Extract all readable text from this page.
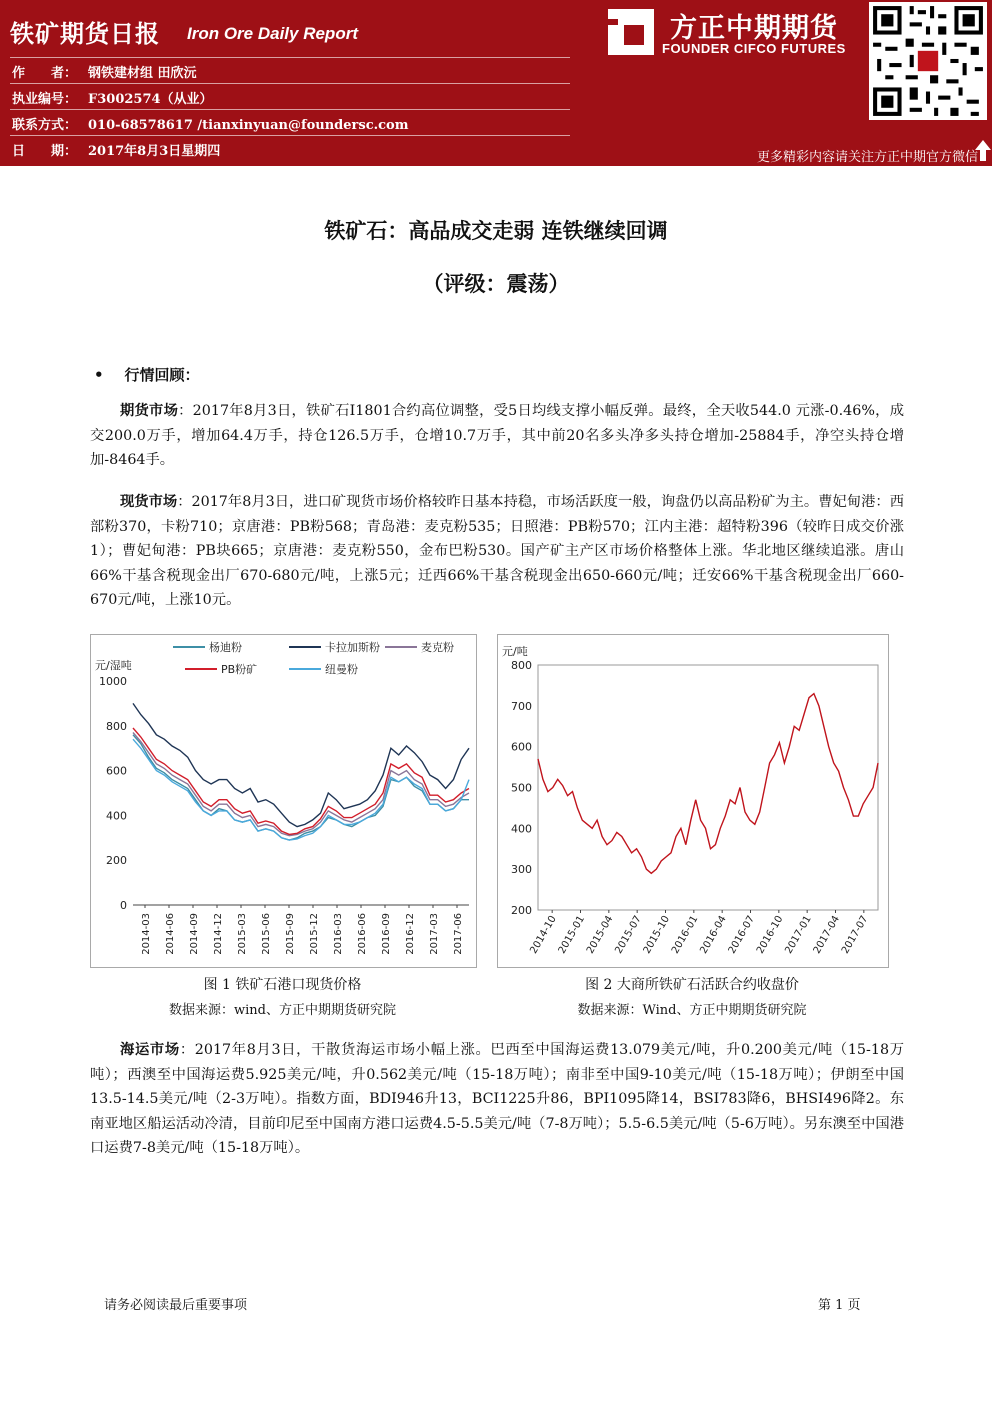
铁矿期货日报 Iron Ore Daily Report
作　　者： 钢铁建材组 田欣沅
执业编号： F3002574（从业）
联系方式： 010-68578617 /tianxinyuan@foundersc.com
日　　期： 2017年8月3日星期四
方正中期期货
FOUNDER CIFCO FUTURES
更多精彩内容请关注方正中期官方微信
铁矿石：高品成交走弱 连铁继续回调
（评级：震荡）
• 行情回顾：
期货市场：2017年8月3日，铁矿石I1801合约高位调整，受5日均线支撑小幅反弹。最终，全天收544.0 元涨-0.46%，成交200.0万手，增加64.4万手，持仓126.5万手，仓增10.7万手，其中前20名多头净多头持仓增加-25884手，净空头持仓增加-8464手。
现货市场：2017年8月3日，进口矿现货市场价格较昨日基本持稳，市场活跃度一般，询盘仍以高品粉矿为主。曹妃甸港：西部粉370，卡粉710；京唐港：PB粉568；青岛港：麦克粉535；日照港：PB粉570；江内主港：超特粉396（较昨日成交价涨1）；曹妃甸港：PB块665；京唐港：麦克粉550，金布巴粉530。国产矿主产区市场价格整体上涨。华北地区继续追涨。唐山66%干基含税现金出厂670-680元/吨，上涨5元；迁西66%干基含税现金出650-660元/吨；迁安66%干基含税现金出厂660-670元/吨，上涨10元。
杨迪粉	卡拉加斯粉	麦克粉
PB粉矿	纽曼粉
元/湿吨
0
200
400
600
800
1000
2014-03 2014-06 2014-09 2014-12 2015-03 2015-06 2015-09 2015-12 2016-03 2016-06 2016-09 2016-12 2017-03 2017-06
元/吨
200
300
400
500
600
700
800
2014-10
2015-01
2015-04
2015-07
2015-10
2016-01
2016-04
2016-07
2016-10
2017-01
2017-04
2017-07
图 1 铁矿石港口现货价格
数据来源：wind、方正中期期货研究院
图 2 大商所铁矿石活跃合约收盘价
数据来源：Wind、方正中期期货研究院
海运市场：2017年8月3日，干散货海运市场小幅上涨。巴西至中国海运费13.079美元/吨，升0.200美元/吨（15-18万吨）；西澳至中国海运费5.925美元/吨，升0.562美元/吨（15-18万吨）；南非至中国9-10美元/吨（15-18万吨）；伊朗至中国13.5-14.5美元/吨（2-3万吨）。指数方面，BDI946升13，BCI1225升86，BPI1095降14，BSI783降6，BHSI496降2。东南亚地区船运活动冷清，目前印尼至中国南方港口运费4.5-5.5美元/吨（7-8万吨）；5.5-6.5美元/吨（5-6万吨）。另东澳至中国港口运费7-8美元/吨（15-18万吨）。
请务必阅读最后重要事项	第 1 页
